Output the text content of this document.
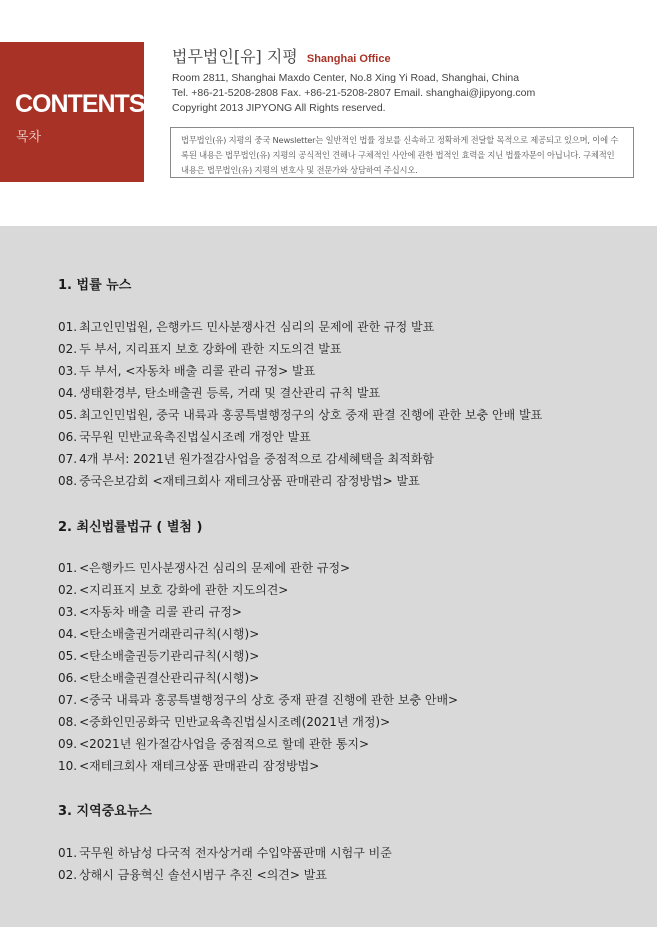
CONTENTS
목차
법무법인[유] 지평 Shanghai Office
Room 2811, Shanghai Maxdo Center, No.8 Xing Yi Road, Shanghai, China
Tel. +86-21-5208-2808 Fax. +86-21-5208-2807 Email. shanghai@jipyong.com
Copyright 2013 JIPYONG All Rights reserved.
법무법인(유) 지평의 중국 Newsletter는 일반적인 법률 정보를 신속하고 정확하게 전달할 목적으로 제공되고 있으며, 이에 수록된 내용은 법무법인(유) 지평의 공식적인 견해나 구체적인 사안에 관한 법적인 효력을 지닌 법률자문이 아닙니다. 구체적인 내용은 법무법인(유) 지평의 변호사 및 전문가와 상담하여 주십시오.
1. 법률 뉴스
01. 최고인민법원, 은행카드 민사분쟁사건 심리의 문제에 관한 규정 발표
02. 두 부서, 지리표지 보호 강화에 관한 지도의견 발표
03. 두 부서, <자동차 배출 리콜 관리 규정> 발표
04. 생태환경부, 탄소배출권 등록, 거래 및 결산관리 규칙 발표
05. 최고인민법원, 중국 내륙과 홍콩특별행정구의 상호 중재 판결 진행에 관한 보충 안배 발표
06. 국무원 민반교육촉진법실시조례 개정안 발표
07. 4개 부서: 2021년 원가절감사업을 중점적으로 감세혜택을 최적화함
08. 중국은보감회 <재테크회사 재테크상품 판매관리 잠정방법> 발표
2. 최신법률법규 ( 별첨 )
01. <은행카드 민사분쟁사건 심리의 문제에 관한 규정>
02. <지리표지 보호 강화에 관한 지도의견>
03. <자동차 배출 리콜 관리 규정>
04. <탄소배출권거래관리규칙(시행)>
05. <탄소배출권등기관리규칙(시행)>
06. <탄소배출권결산관리규칙(시행)>
07. <중국 내륙과 홍콩특별행정구의 상호 중재 판결 진행에 관한 보충 안배>
08. <중화인민공화국 민반교육촉진법실시조례(2021년 개정)>
09. <2021년 원가절감사업을 중점적으로 할데 관한 통지>
10. <재테크회사 재테크상품 판매관리 잠정방법>
3. 지역중요뉴스
01. 국무원 하남성 다국적 전자상거래 수입약품판매 시험구 비준
02. 상해시 금융혁신 솔선시범구 추진 <의견> 발표
